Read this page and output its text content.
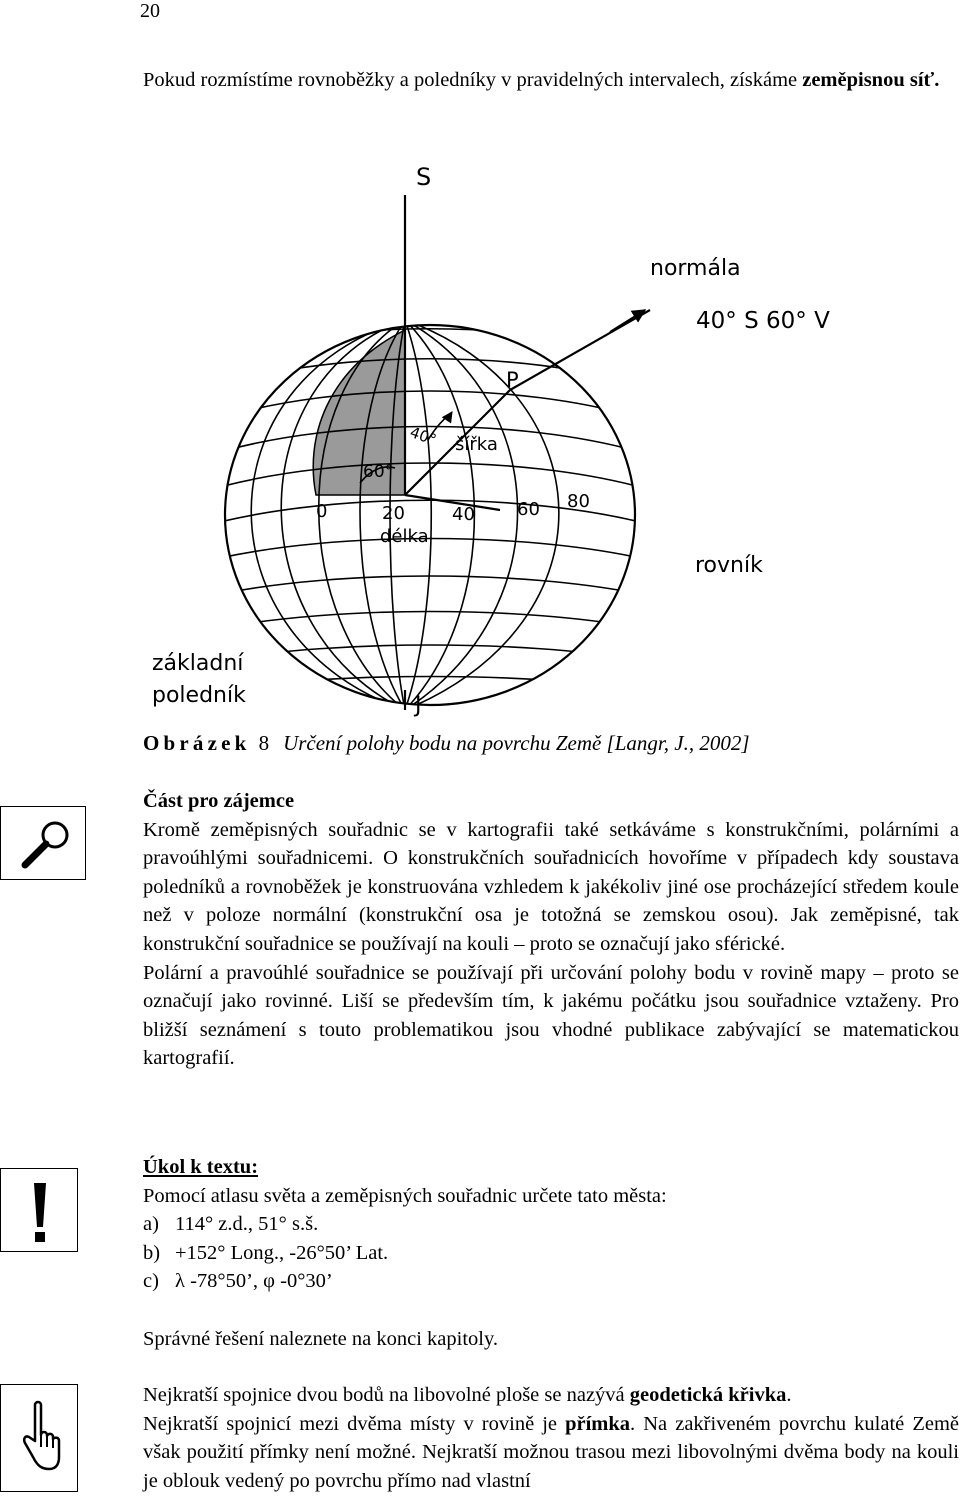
20
Pokud rozmístíme rovnoběžky a poledníky v pravidelných intervalech, získáme zeměpisnou síť.
S
J
normála
40° S 60° V
P
40° šířka
60°
0	20	40 60 80
délka
rovník
základní
poledník
Obrázek 8 Určení polohy bodu na povrchu Země [Langr, J., 2002]
Část pro zájemce
Kromě zeměpisných souřadnic se v kartografii také setkáváme s konstrukčními, polárními a pravoúhlými souřadnicemi. O konstrukčních souřadnicích hovoříme v případech kdy soustava poledníků a rovnoběžek je konstruována vzhledem k jakékoliv jiné ose procházející středem koule než v poloze normální (konstrukční osa je totožná se zemskou osou). Jak zeměpisné, tak konstrukční souřadnice se používají na kouli – proto se označují jako sférické.
Polární a pravoúhlé souřadnice se používají při určování polohy bodu v rovině mapy – proto se označují jako rovinné. Liší se především tím, k jakému počátku jsou souřadnice vztaženy. Pro bližší seznámení s touto problematikou jsou vhodné publikace zabývající se matematickou kartografií.
Úkol k textu:
Pomocí atlasu světa a zeměpisných souřadnic určete tato města:
a) 114° z.d., 51° s.š.
b) +152° Long., -26°50’ Lat.
c) λ -78°50’, φ -0°30’
Správné řešení naleznete na konci kapitoly.
Nejkratší spojnice dvou bodů na libovolné ploše se nazývá geodetická křivka.
Nejkratší spojnicí mezi dvěma místy v rovině je přímka. Na zakřiveném povrchu kulaté Země však použití přímky není možné. Nejkratší možnou trasou mezi libovolnými dvěma body na kouli je oblouk vedený po povrchu přímo nad vlastní
